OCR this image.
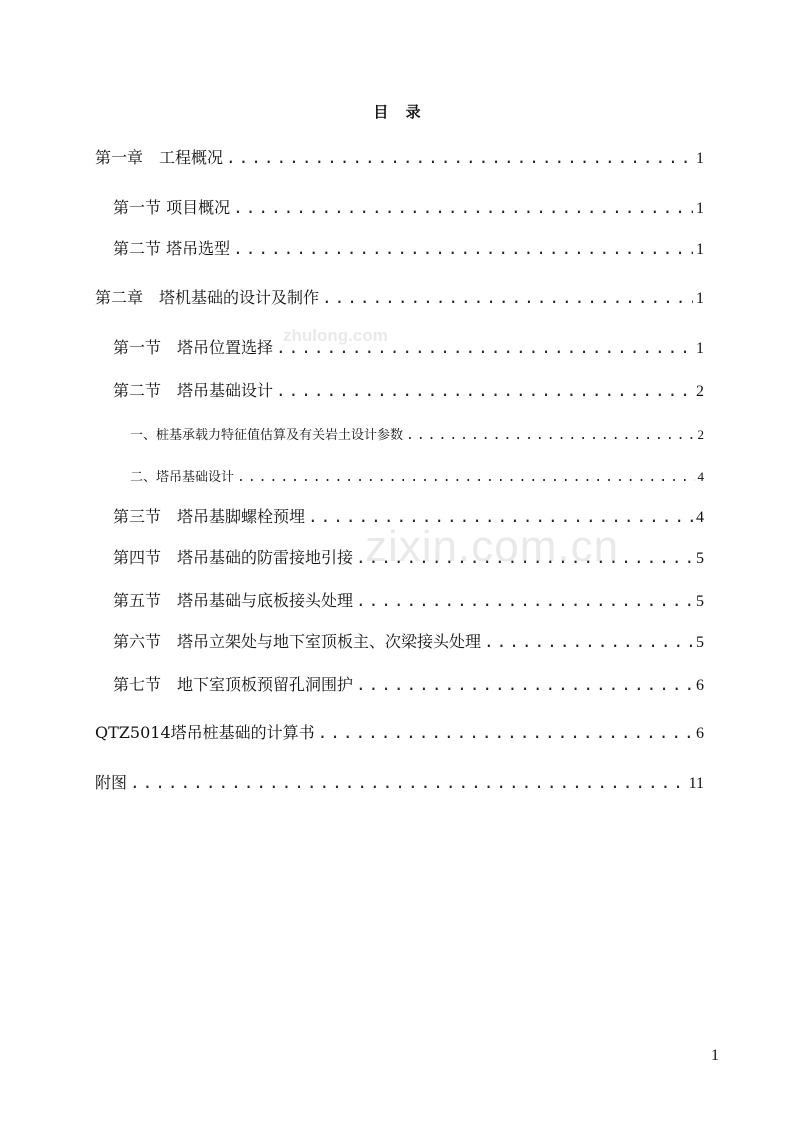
目 录
第一章　工程概况 .....	1
第一节 项目概况 .....	1
第二节 塔吊选型 .....	1
第二章　塔机基础的设计及制作 .....	1
第一节　塔吊位置选择 .....	1
第二节　塔吊基础设计 .....	2
一、桩基承载力特征值估算及有关岩土设计参数 .....	2
二、塔吊基础设计 .....	4
第三节　塔吊基脚螺栓预埋 .....	4
第四节　塔吊基础的防雷接地引接 .....	5
第五节　塔吊基础与底板接头处理 .....	5
第六节　塔吊立架处与地下室顶板主、次梁接头处理 .....	5
第七节　地下室顶板预留孔洞围护 .....	6
QTZ5014塔吊桩基础的计算书 .....	6
附图 .....	11
zhulong.com
zixin.com.cn
1
